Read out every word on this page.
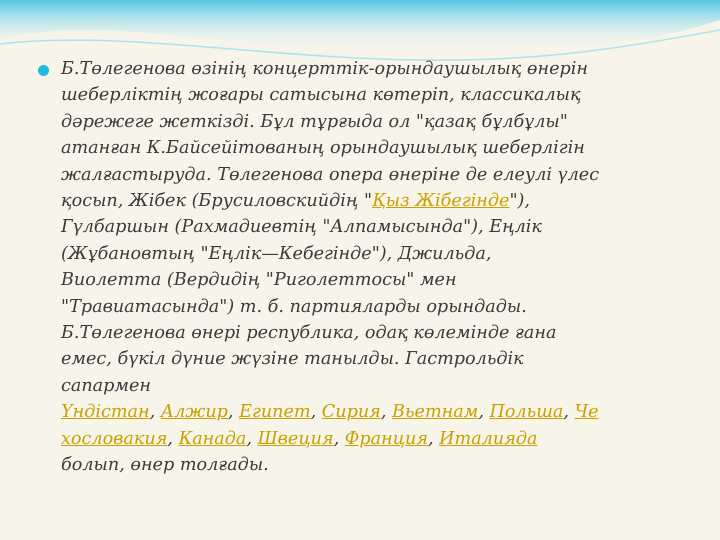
Б.Төлегенова өзінің концерттік-орындаушылық өнерін
шеберліктің жоғары сатысына көтеріп, классикалық
дәрежеге жеткізді. Бұл тұрғыда ол "қазақ бұлбұлы"
атанған К.Байсейітованың орындаушылық шеберлігін
жалғастыруда. Төлегенова опера өнеріне де елеулі үлес
қосып, Жібек (Брусиловскийдің "Қыз Жібегінде"),
Гүлбаршын (Рахмадиевтің "Алпамысында"), Еңлік
(Жұбановтың "Еңлік—Кебегінде"), Джильда,
Виолетта (Вердидің "Риголеттосы" мен
"Травиатасында") т. б. партияларды орындады.
Б.Төлегенова өнері республика, одақ көлемінде ғана
емес, бүкіл дүние жүзіне танылды. Гастрольдік
сапармен
Үндістан, Алжир, Египет, Сирия, Вьетнам, Польша, Че
хословакия, Канада, Швеция, Франция, Италияда
болып, өнер толғады.
